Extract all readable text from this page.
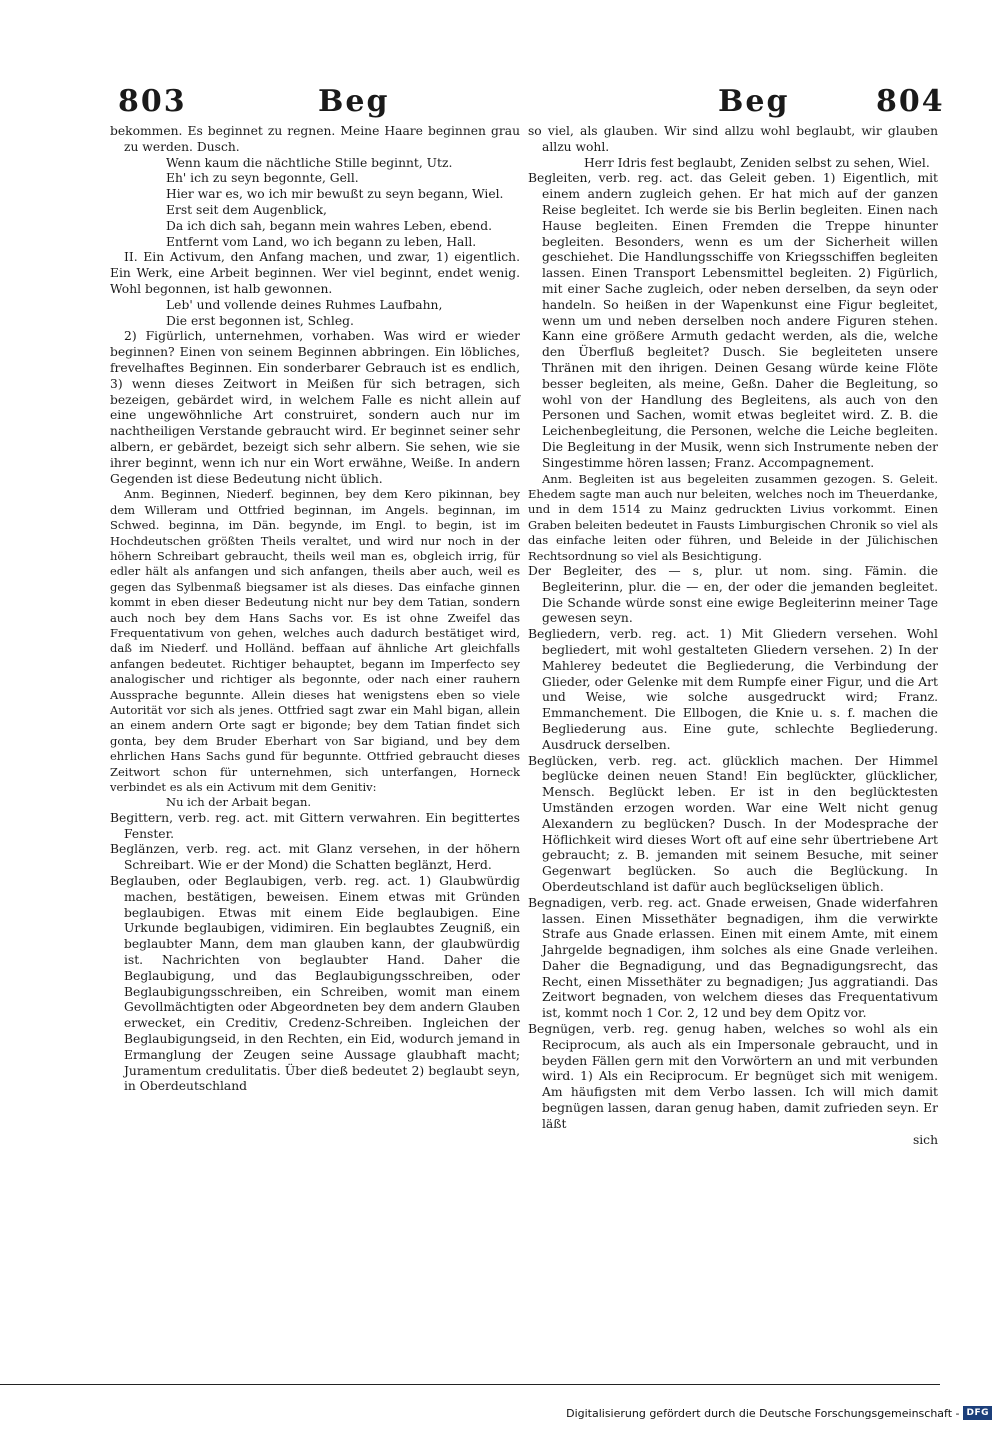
803	Beg	Beg	804

bekommen. Es beginnet zu regnen. Meine Haare beginnen grau zu werden. Dusch.

Wenn kaum die nächtliche Stille beginnt, Utz.

Eh' ich zu seyn begonnte, Gell.

Hier war es, wo ich mir bewußt zu seyn begann, Wiel.

Erst seit dem Augenblick,

Da ich dich sah, begann mein wahres Leben, ebend.

Entfernt vom Land, wo ich begann zu leben, Hall.

II. Ein Activum, den Anfang machen, und zwar, 1) eigentlich. Ein Werk, eine Arbeit beginnen. Wer viel beginnt, endet wenig. Wohl begonnen, ist halb gewonnen.

Leb' und vollende deines Ruhmes Laufbahn,

Die erst begonnen ist, Schleg.

2) Figürlich, unternehmen, vorhaben. Was wird er wieder beginnen? Einen von seinem Beginnen abbringen. Ein löbliches, frevelhaftes Beginnen. Ein sonderbarer Gebrauch ist es endlich, 3) wenn dieses Zeitwort in Meißen für sich betragen, sich bezeigen, gebärdet wird, in welchem Falle es nicht allein auf eine ungewöhnliche Art construiret, sondern auch nur im nachtheiligen Verstande gebraucht wird. Er beginnet seiner sehr albern, er gebärdet, bezeigt sich sehr albern. Sie sehen, wie sie ihrer beginnt, wenn ich nur ein Wort erwähne, Weiße. In andern Gegenden ist diese Bedeutung nicht üblich.

Anm. Beginnen, Niederf. beginnen, bey dem Kero pikinnan, bey dem Willeram und Ottfried beginnan, im Angels. beginnan, im Schwed. beginna, im Dän. begynde, im Engl. to begin, ist im Hochdeutschen größten Theils veraltet, und wird nur noch in der höhern Schreibart gebraucht, theils weil man es, obgleich irrig, für edler hält als anfangen und sich anfangen, theils aber auch, weil es gegen das Sylbenmaß biegsamer ist als dieses. Das einfache ginnen kommt in eben dieser Bedeutung nicht nur bey dem Tatian, sondern auch noch bey dem Hans Sachs vor. Es ist ohne Zweifel das Frequentativum von gehen, welches auch dadurch bestätiget wird, daß im Niederf. und Holländ. beffaan auf ähnliche Art gleichfalls anfangen bedeutet. Richtiger behauptet, begann im Imperfecto sey analogischer und richtiger als begonnte, oder nach einer rauhern Aussprache begunnte. Allein dieses hat wenigstens eben so viele Autorität vor sich als jenes. Ottfried sagt zwar ein Mahl bigan, allein an einem andern Orte sagt er bigonde; bey dem Tatian findet sich gonta, bey dem Bruder Eberhart von Sar bigiand, und bey dem ehrlichen Hans Sachs gund für begunnte. Ottfried gebraucht dieses Zeitwort schon für unternehmen, sich unterfangen, Horneck verbindet es als ein Activum mit dem Genitiv:

Nu ich der Arbait began.

Begittern, verb. reg. act. mit Gittern verwahren. Ein begittertes Fenster.

Beglänzen, verb. reg. act. mit Glanz versehen, in der höhern Schreibart. Wie er der Mond) die Schatten beglänzt, Herd.

Beglauben, oder Beglaubigen, verb. reg. act. 1) Glaubwürdig machen, bestätigen, beweisen. Einem etwas mit Gründen beglaubigen. Etwas mit einem Eide beglaubigen. Eine Urkunde beglaubigen, vidimiren. Ein beglaubtes Zeugniß, ein beglaubter Mann, dem man glauben kann, der glaubwürdig ist. Nachrichten von beglaubter Hand. Daher die Beglaubigung, und das Beglaubigungsschreiben, oder Beglaubigungsschreiben, ein Schreiben, womit man einem Gevollmächtigten oder Abgeordneten bey dem andern Glauben erwecket, ein Creditiv, Credenz-Schreiben. Ingleichen der Beglaubigungseid, in den Rechten, ein Eid, wodurch jemand in Ermanglung der Zeugen seine Aussage glaubhaft macht; Juramentum credulitatis. Über dieß bedeutet 2) beglaubt seyn, in Oberdeutschland

so viel, als glauben. Wir sind allzu wohl beglaubt, wir glauben allzu wohl.

Herr Idris fest beglaubt, Zeniden selbst zu sehen, Wiel.

Begleiten, verb. reg. act. das Geleit geben. 1) Eigentlich, mit einem andern zugleich gehen. Er hat mich auf der ganzen Reise begleitet. Ich werde sie bis Berlin begleiten. Einen nach Hause begleiten. Einen Fremden die Treppe hinunter begleiten. Besonders, wenn es um der Sicherheit willen geschiehet. Die Handlungsschiffe von Kriegsschiffen begleiten lassen. Einen Transport Lebensmittel begleiten. 2) Figürlich, mit einer Sache zugleich, oder neben derselben, da seyn oder handeln. So heißen in der Wapenkunst eine Figur begleitet, wenn um und neben derselben noch andere Figuren stehen. Kann eine größere Armuth gedacht werden, als die, welche den Überfluß begleitet? Dusch. Sie begleiteten unsere Thränen mit den ihrigen. Deinen Gesang würde keine Flöte besser begleiten, als meine, Geßn. Daher die Begleitung, so wohl von der Handlung des Begleitens, als auch von den Personen und Sachen, womit etwas begleitet wird. Z. B. die Leichenbegleitung, die Personen, welche die Leiche begleiten. Die Begleitung in der Musik, wenn sich Instrumente neben der Singestimme hören lassen; Franz. Accompagnement.

Anm. Begleiten ist aus begeleiten zusammen gezogen. S. Geleit. Ehedem sagte man auch nur beleiten, welches noch im Theuerdanke, und in dem 1514 zu Mainz gedruckten Livius vorkommt. Einen Graben beleiten bedeutet in Fausts Limburgischen Chronik so viel als das einfache leiten oder führen, und Beleide in der Jülichischen Rechtsordnung so viel als Besichtigung.

Der Begleiter, des — s, plur. ut nom. sing. Fämin. die Begleiterinn, plur. die — en, der oder die jemanden begleitet. Die Schande würde sonst eine ewige Begleiterinn meiner Tage gewesen seyn.

Begliedern, verb. reg. act. 1) Mit Gliedern versehen. Wohl begliedert, mit wohl gestalteten Gliedern versehen. 2) In der Mahlerey bedeutet die Begliederung, die Verbindung der Glieder, oder Gelenke mit dem Rumpfe einer Figur, und die Art und Weise, wie solche ausgedruckt wird; Franz. Emmanchement. Die Ellbogen, die Knie u. s. f. machen die Begliederung aus. Eine gute, schlechte Begliederung. Ausdruck derselben.

Beglücken, verb. reg. act. glücklich machen. Der Himmel beglücke deinen neuen Stand! Ein beglückter, glücklicher, Mensch. Beglückt leben. Er ist in den beglücktesten Umständen erzogen worden. War eine Welt nicht genug Alexandern zu beglücken? Dusch. In der Modesprache der Höflichkeit wird dieses Wort oft auf eine sehr übertriebene Art gebraucht; z. B. jemanden mit seinem Besuche, mit seiner Gegenwart beglücken. So auch die Beglückung. In Oberdeutschland ist dafür auch beglückseligen üblich.

Begnadigen, verb. reg. act. Gnade erweisen, Gnade widerfahren lassen. Einen Missethäter begnadigen, ihm die verwirkte Strafe aus Gnade erlassen. Einen mit einem Amte, mit einem Jahrgelde begnadigen, ihm solches als eine Gnade verleihen. Daher die Begnadigung, und das Begnadigungsrecht, das Recht, einen Missethäter zu begnadigen; Jus aggratiandi. Das Zeitwort begnaden, von welchem dieses das Frequentativum ist, kommt noch 1 Cor. 2, 12 und bey dem Opitz vor.

Begnügen, verb. reg. genug haben, welches so wohl als ein Reciprocum, als auch als ein Impersonale gebraucht, und in beyden Fällen gern mit den Vorwörtern an und mit verbunden wird. 1) Als ein Reciprocum. Er begnüget sich mit wenigem. Am häufigsten mit dem Verbo lassen. Ich will mich damit begnügen lassen, daran genug haben, damit zufrieden seyn. Er läßt

sich

Digitalisierung gefördert durch die Deutsche Forschungsgemeinschaft - DFG
